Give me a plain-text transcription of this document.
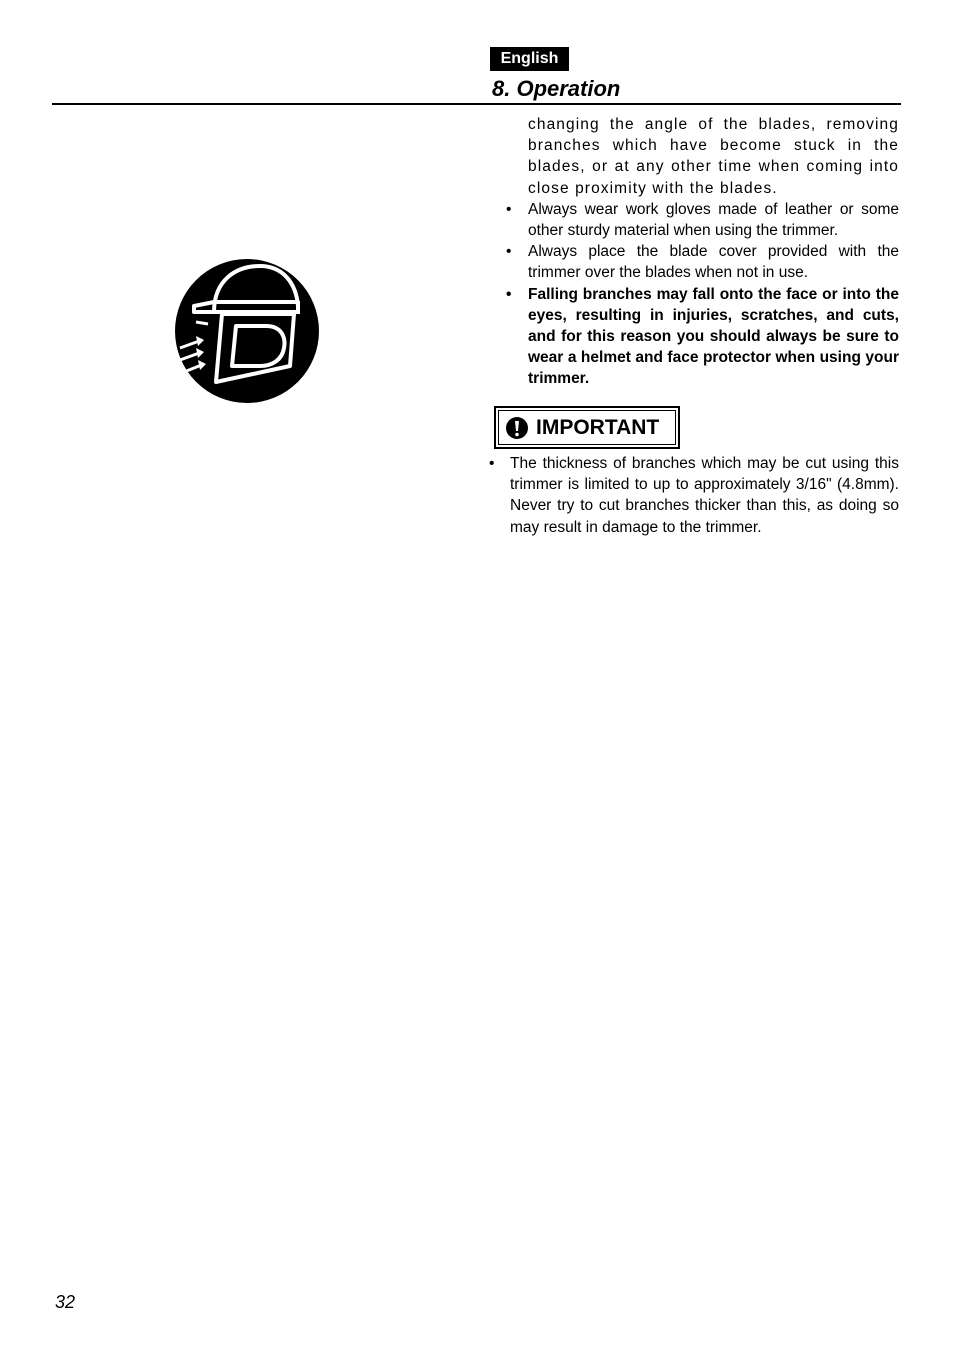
English
8. Operation

changing the angle of the blades, removing branches which have become stuck in the blades, or at any other time when coming into close proximity with the blades.

• Always wear work gloves made of leather or some other sturdy material when using the trimmer.
• Always place the blade cover provided with the trimmer over the blades when not in use.
• Falling branches may fall onto the face or into the eyes, resulting in injuries, scratches, and cuts, and for this reason you should always be sure to wear a helmet and face protector when using your trimmer.
IMPORTANT
• The thickness of branches which may be cut using this trimmer is limited to up to approximately 3/16" (4.8mm). Never try to cut branches thicker than this, as doing so may result in damage to the trimmer.
32
